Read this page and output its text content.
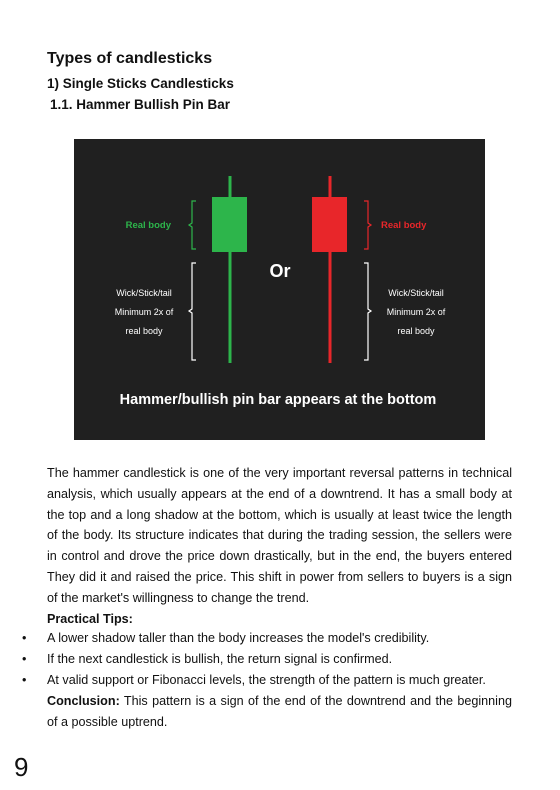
Types of candlesticks
1) Single Sticks Candlesticks
1.1. Hammer Bullish Pin Bar
Real body	Real body
Or
Wick/Stick/tail
Minimum 2x of
real body
Wick/Stick/tail
Minimum 2x of
real body
Hammer/bullish pin bar appears at the bottom

The hammer candlestick is one of the very important reversal patterns in technical analysis, which usually appears at the end of a downtrend. It has a small body at the top and a long shadow at the bottom, which is usually at least twice the length of the body. Its structure indicates that during the trading session, the sellers were in control and drove the price down drastically, but in the end, the buyers entered They did it and raised the price. This shift in power from sellers to buyers is a sign of the market's willingness to change the trend.

Practical Tips:

• A lower shadow taller than the body increases the model's credibility.
• If the next candlestick is bullish, the return signal is confirmed.
• At valid support or Fibonacci levels, the strength of the pattern is much greater.
Conclusion: This pattern is a sign of the end of the downtrend and the beginning of a possible uptrend.
9
